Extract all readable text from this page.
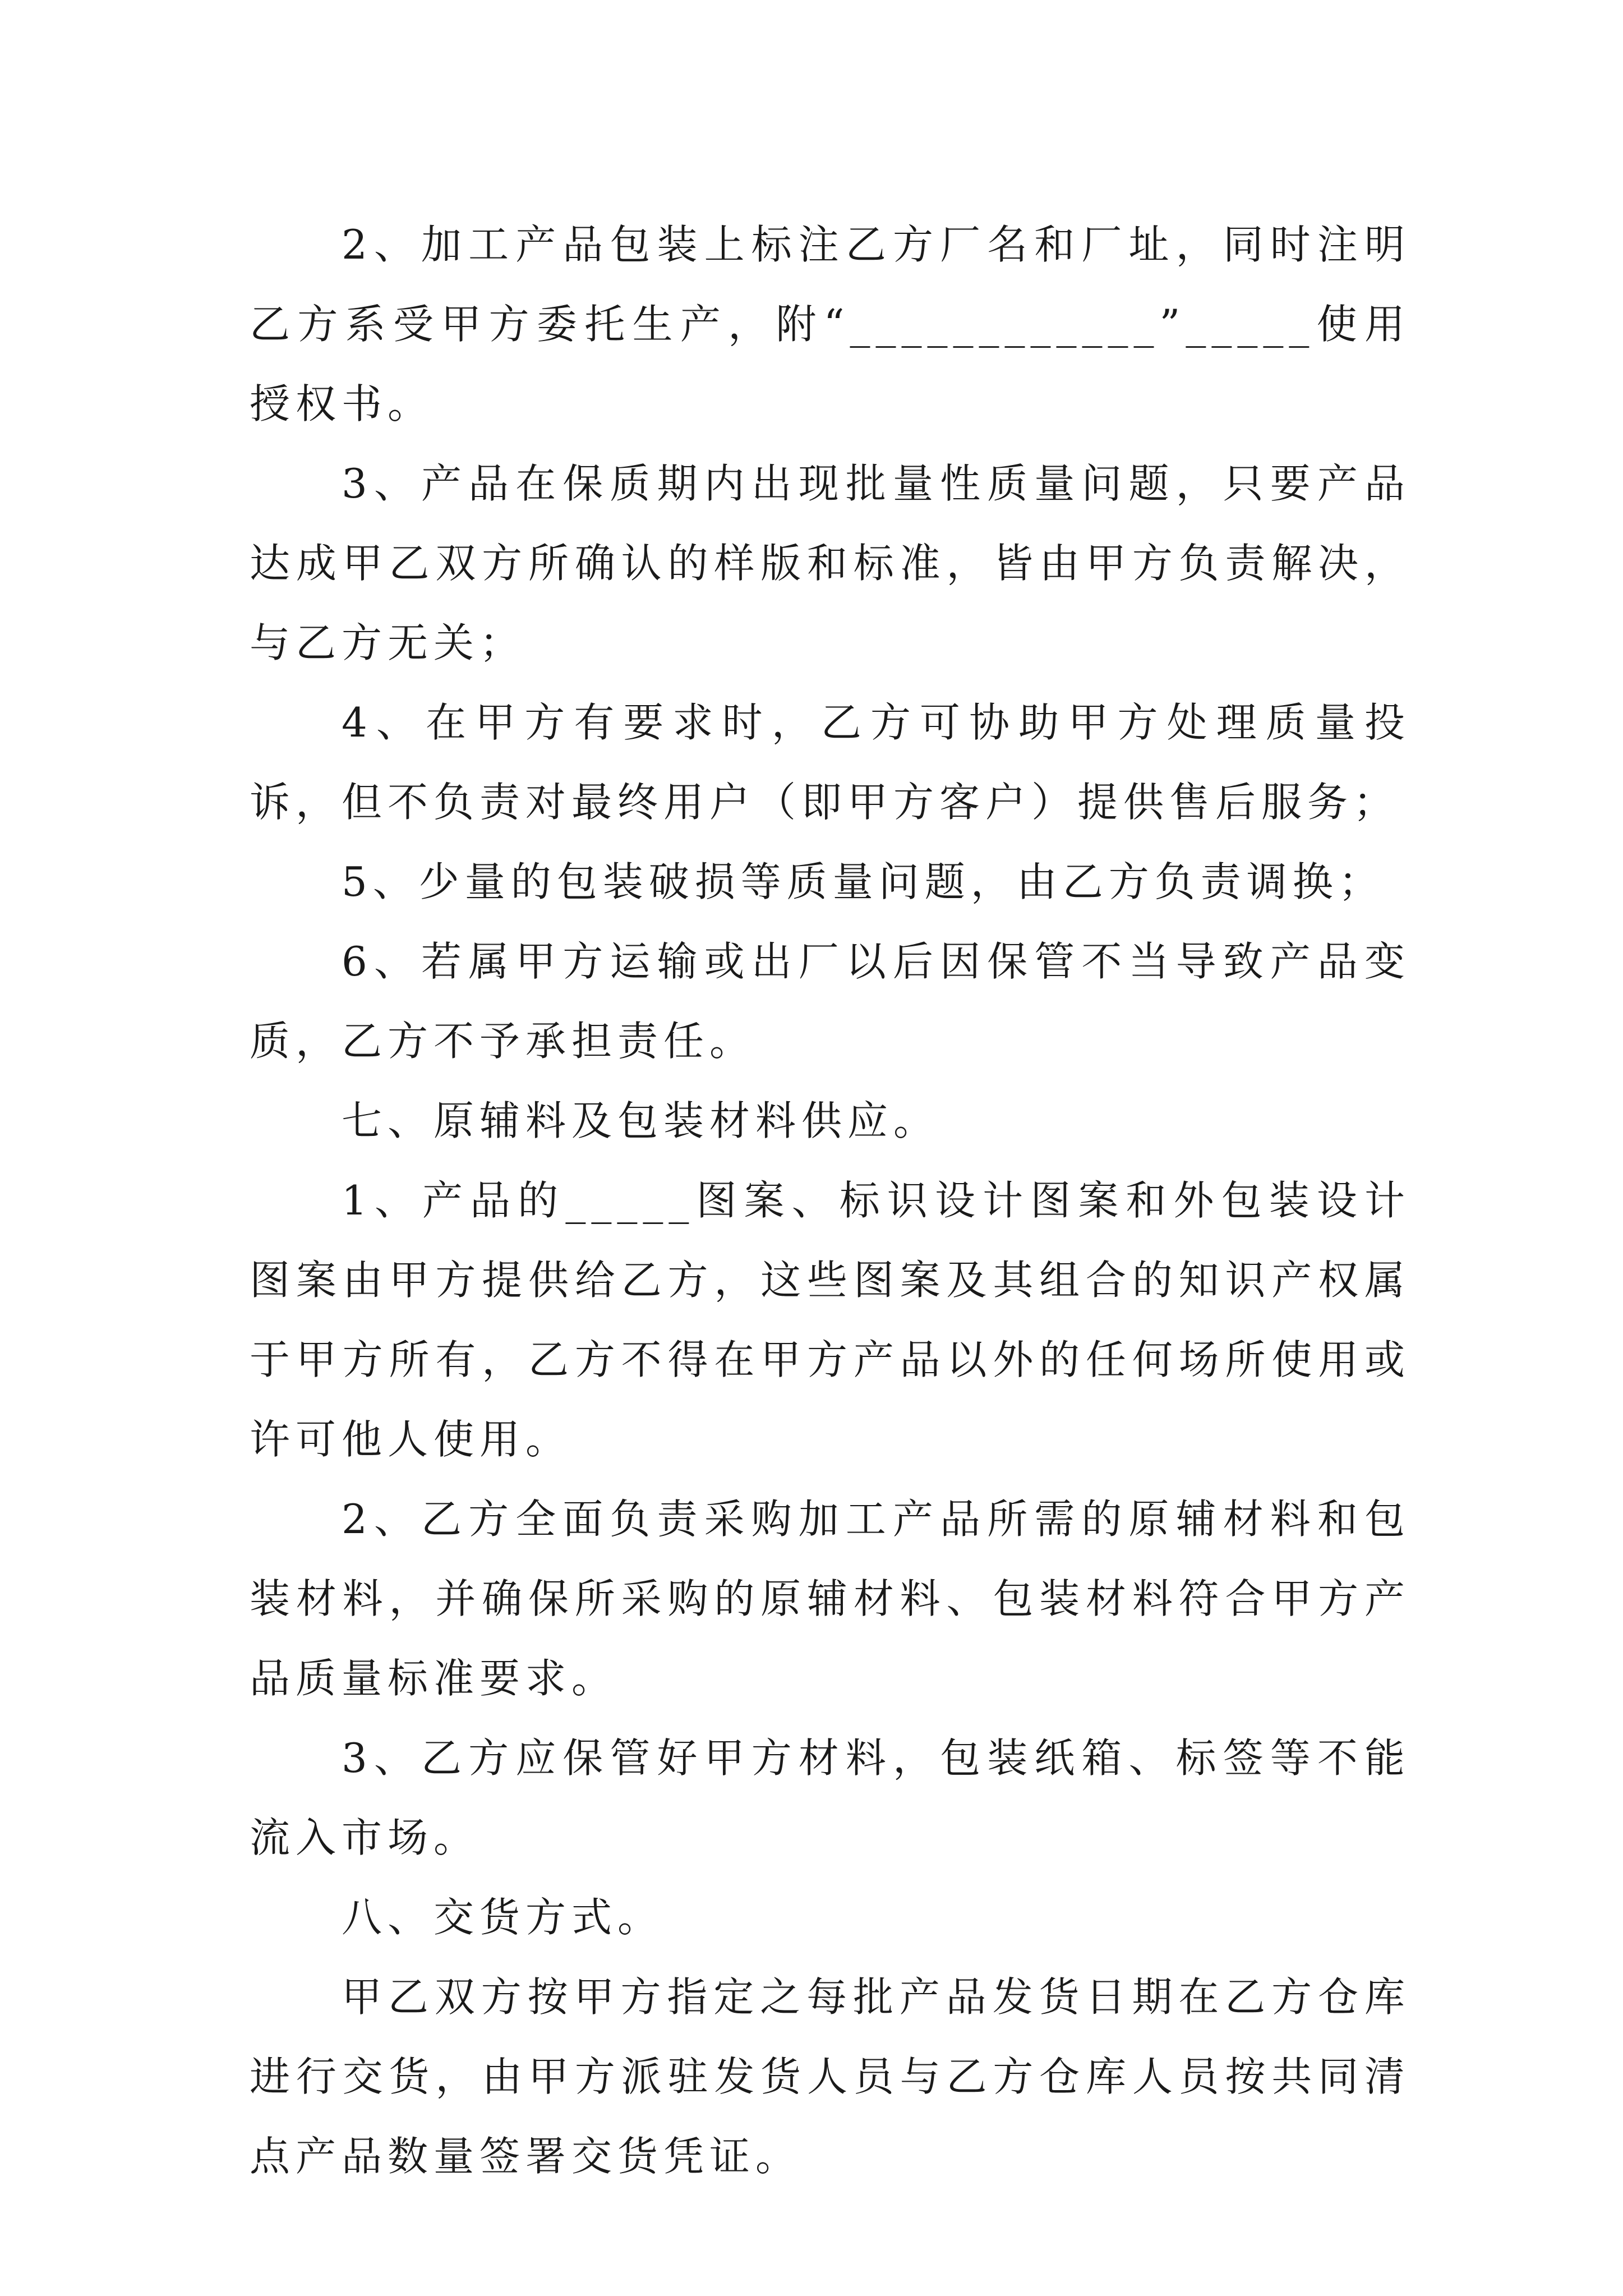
2、加工产品包装上标注乙方厂名和厂址，同时注明乙方系受甲方委托生产，附“____________”_____使用授权书。

3、产品在保质期内出现批量性质量问题，只要产品达成甲乙双方所确认的样版和标准，皆由甲方负责解决，与乙方无关；

4、在甲方有要求时，乙方可协助甲方处理质量投诉，但不负责对最终用户（即甲方客户）提供售后服务；

5、少量的包装破损等质量问题，由乙方负责调换；

6、若属甲方运输或出厂以后因保管不当导致产品变质，乙方不予承担责任。

七、原辅料及包装材料供应。

1、产品的_____图案、标识设计图案和外包装设计图案由甲方提供给乙方，这些图案及其组合的知识产权属于甲方所有，乙方不得在甲方产品以外的任何场所使用或许可他人使用。

2、乙方全面负责采购加工产品所需的原辅材料和包装材料，并确保所采购的原辅材料、包装材料符合甲方产品质量标准要求。

3、乙方应保管好甲方材料，包装纸箱、标签等不能流入市场。

八、交货方式。

甲乙双方按甲方指定之每批产品发货日期在乙方仓库进行交货，由甲方派驻发货人员与乙方仓库人员按共同清点产品数量签署交货凭证。
